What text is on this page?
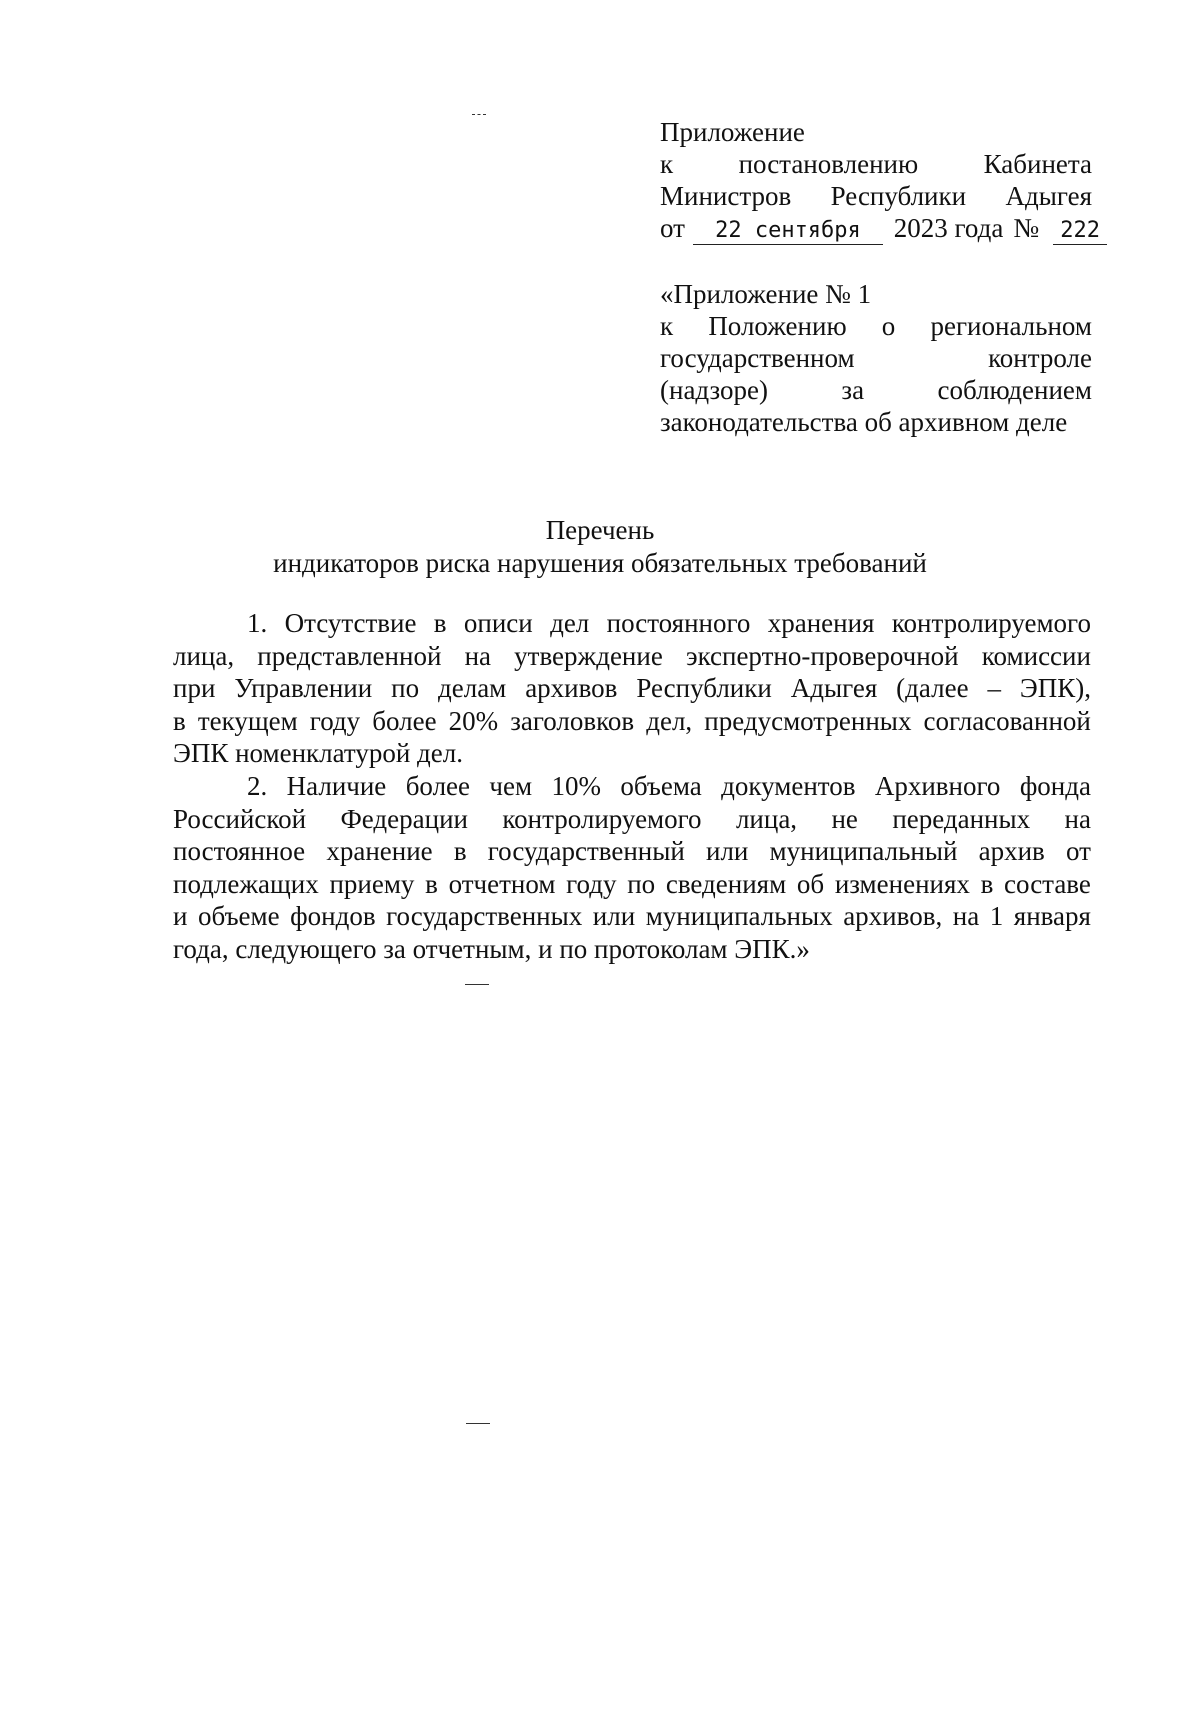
Приложение
к постановлению Кабинета
Министров Республики Адыгея
от 22 сентября 2023 года № 222
«Приложение № 1
к Положению о региональном
государственном	контроле
(надзоре)	за	соблюдением
законодательства об архивном деле
Перечень
индикаторов риска нарушения обязательных требований
1. Отсутствие в описи дел постоянного хранения контролируемого
лица, представленной на утверждение экспертно-проверочной комиссии
при Управлении по делам архивов Республики Адыгея (далее – ЭПК),
в текущем году более 20% заголовков дел, предусмотренных согласованной
ЭПК номенклатурой дел.
2. Наличие более чем 10% объема документов Архивного фонда
Российской Федерации контролируемого лица, не переданных на
постоянное хранение в государственный или муниципальный архив от
подлежащих приему в отчетном году по сведениям об изменениях в составе
и объеме фондов государственных или муниципальных архивов, на 1 января
года, следующего за отчетным, и по протоколам ЭПК.»
